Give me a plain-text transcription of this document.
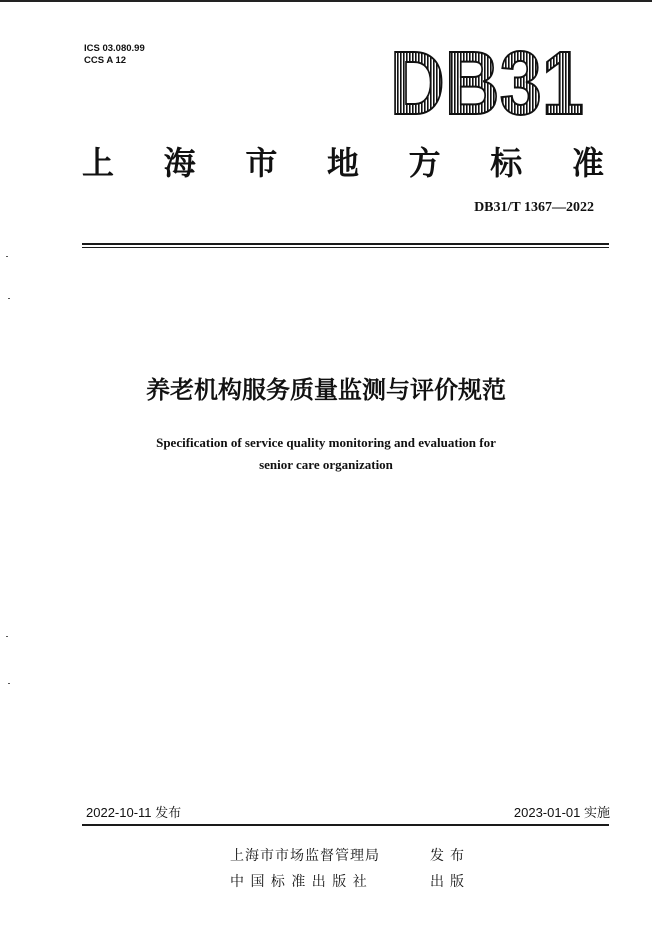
ICS 03.080.99
CCS A 12	DB31
上 海 市 地 方 标 准
DB31/T 1367—2022
养老机构服务质量监测与评价规范
Specification of service quality monitoring and evaluation for
senior care organization
2022-10-11 发布	2023-01-01 实施
上海市市场监督管理局	发布
中 国 标 准 出 版 社	出版
